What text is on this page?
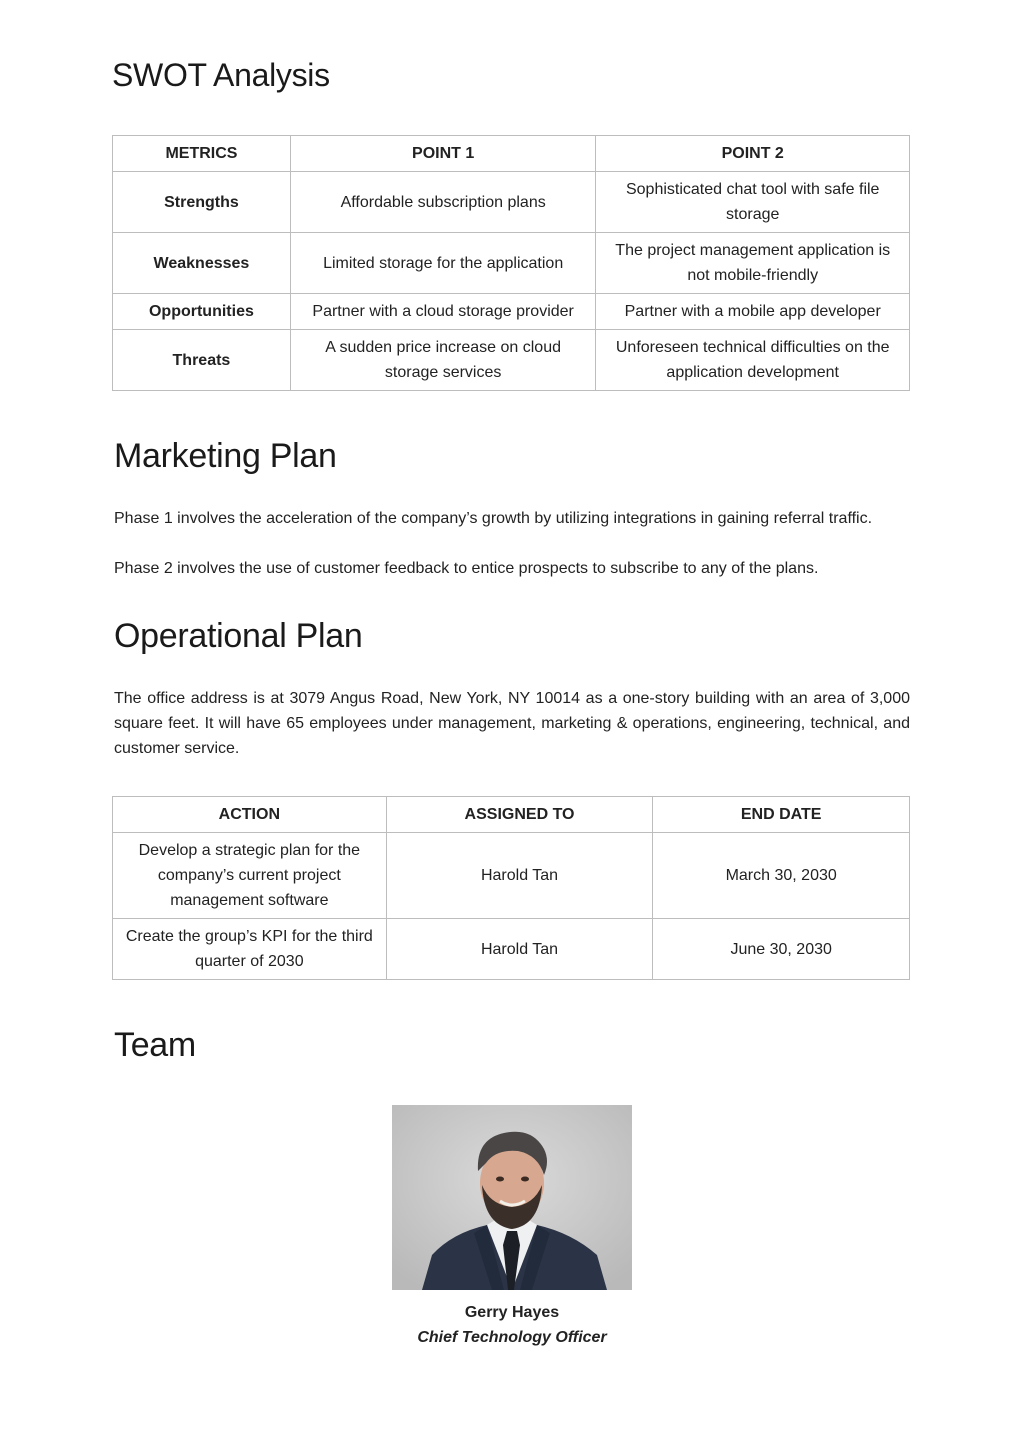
SWOT Analysis
METRICS	POINT 1	POINT 2
Strengths	Affordable subscription plans	Sophisticated chat tool with safe file storage
Weaknesses	Limited storage for the application	The project management application is not mobile-friendly
Opportunities	Partner with a cloud storage provider	Partner with a mobile app developer
Threats	A sudden price increase on cloud storage services	Unforeseen technical difficulties on the application development
Marketing Plan

Phase 1 involves the acceleration of the company’s growth by utilizing integrations in gaining referral traffic.

Phase 2 involves the use of customer feedback to entice prospects to subscribe to any of the plans.

Operational Plan

The office address is at 3079 Angus Road, New York, NY 10014 as a one-story building with an area of 3,000 square feet. It will have 65 employees under management, marketing & operations, engineering, technical, and customer service.

ACTION	ASSIGNED TO	END DATE
Develop a strategic plan for the company’s current project management software	Harold Tan	March 30, 2030
Create the group’s KPI for the third quarter of 2030	Harold Tan	June 30, 2030
Team
Gerry Hayes
Chief Technology Officer
